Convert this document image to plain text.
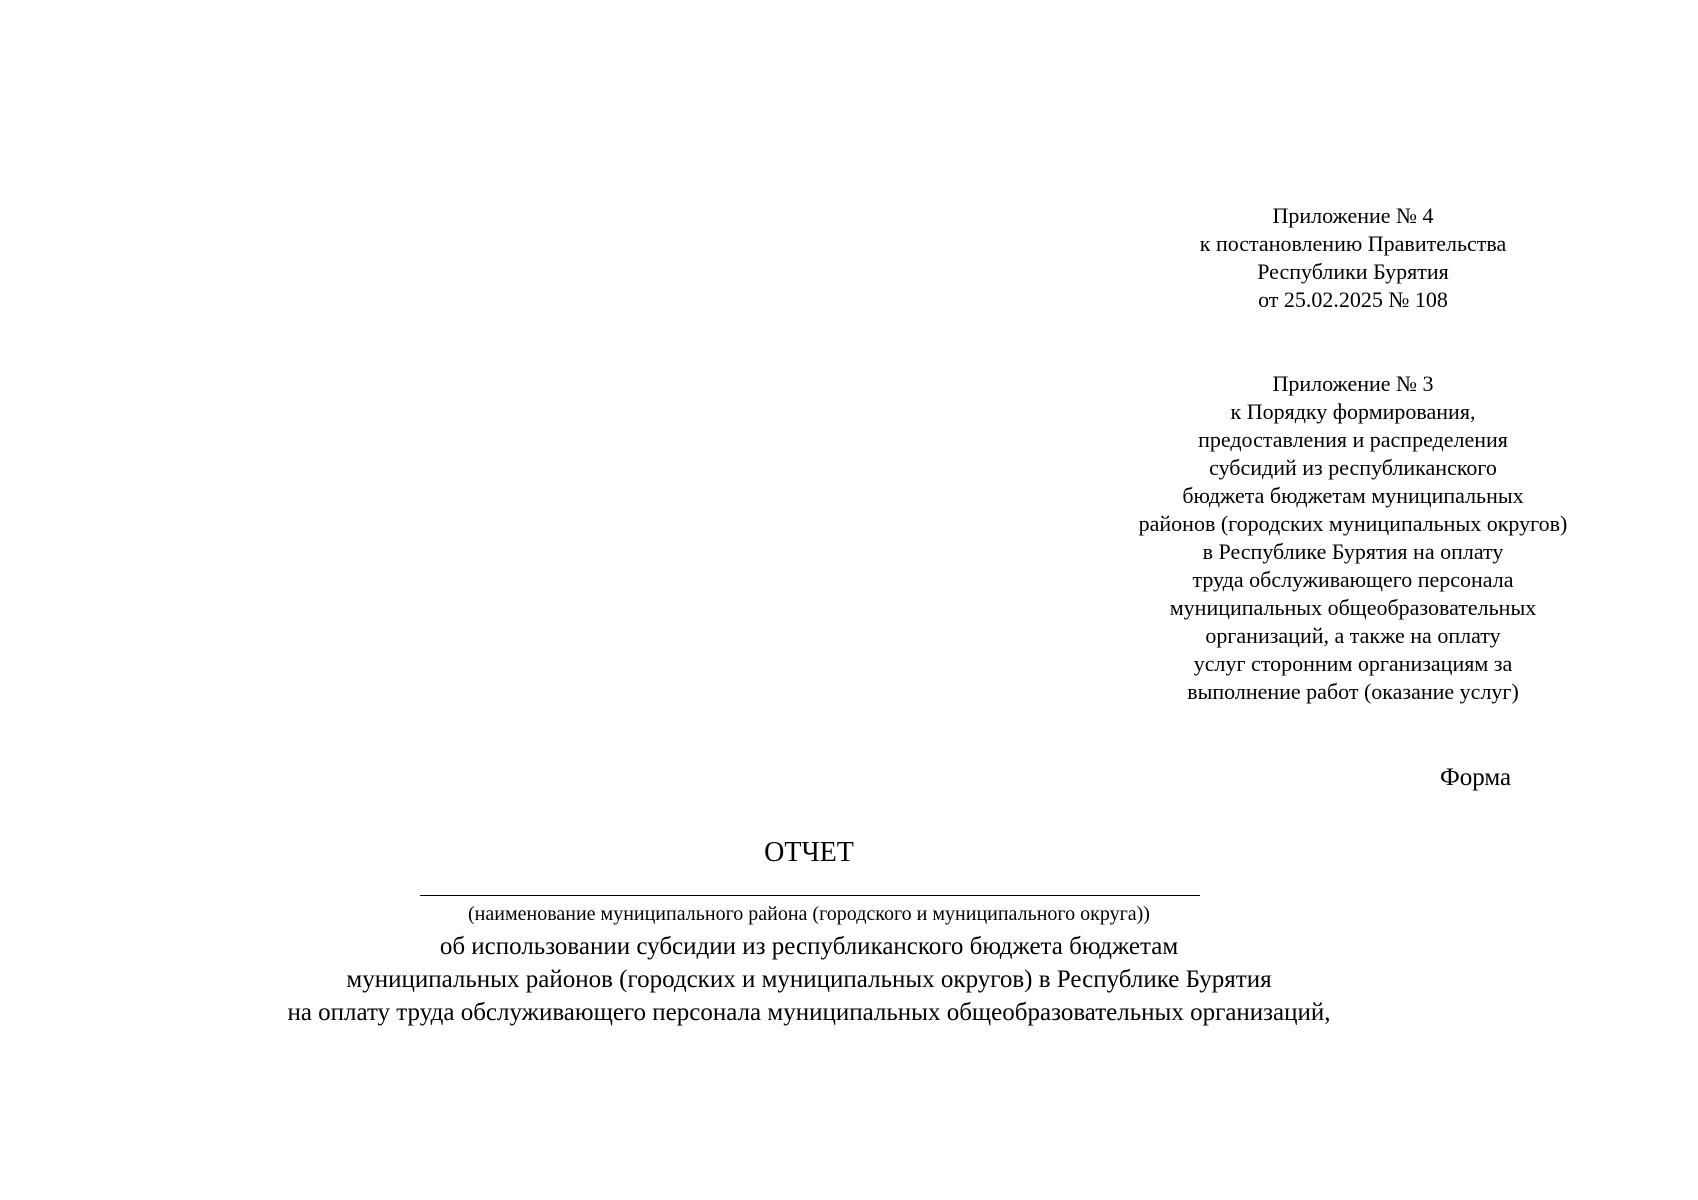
Приложение № 4
к постановлению Правительства
Республики Бурятия
от 25.02.2025 № 108
Приложение № 3
к Порядку формирования,
предоставления и распределения
субсидий из республиканского
бюджета бюджетам муниципальных
районов (городских муниципальных округов)
в Республике Бурятия на оплату
труда обслуживающего персонала
муниципальных общеобразовательных
организаций, а также на оплату
услуг сторонним организациям за
выполнение работ (оказание услуг)
Форма
ОТЧЕТ
(наименование муниципального района (городского и муниципального округа))
об использовании субсидии из республиканского бюджета бюджетам
муниципальных районов (городских и муниципальных округов) в Республике Бурятия
на оплату труда обслуживающего персонала муниципальных общеобразовательных организаций,
